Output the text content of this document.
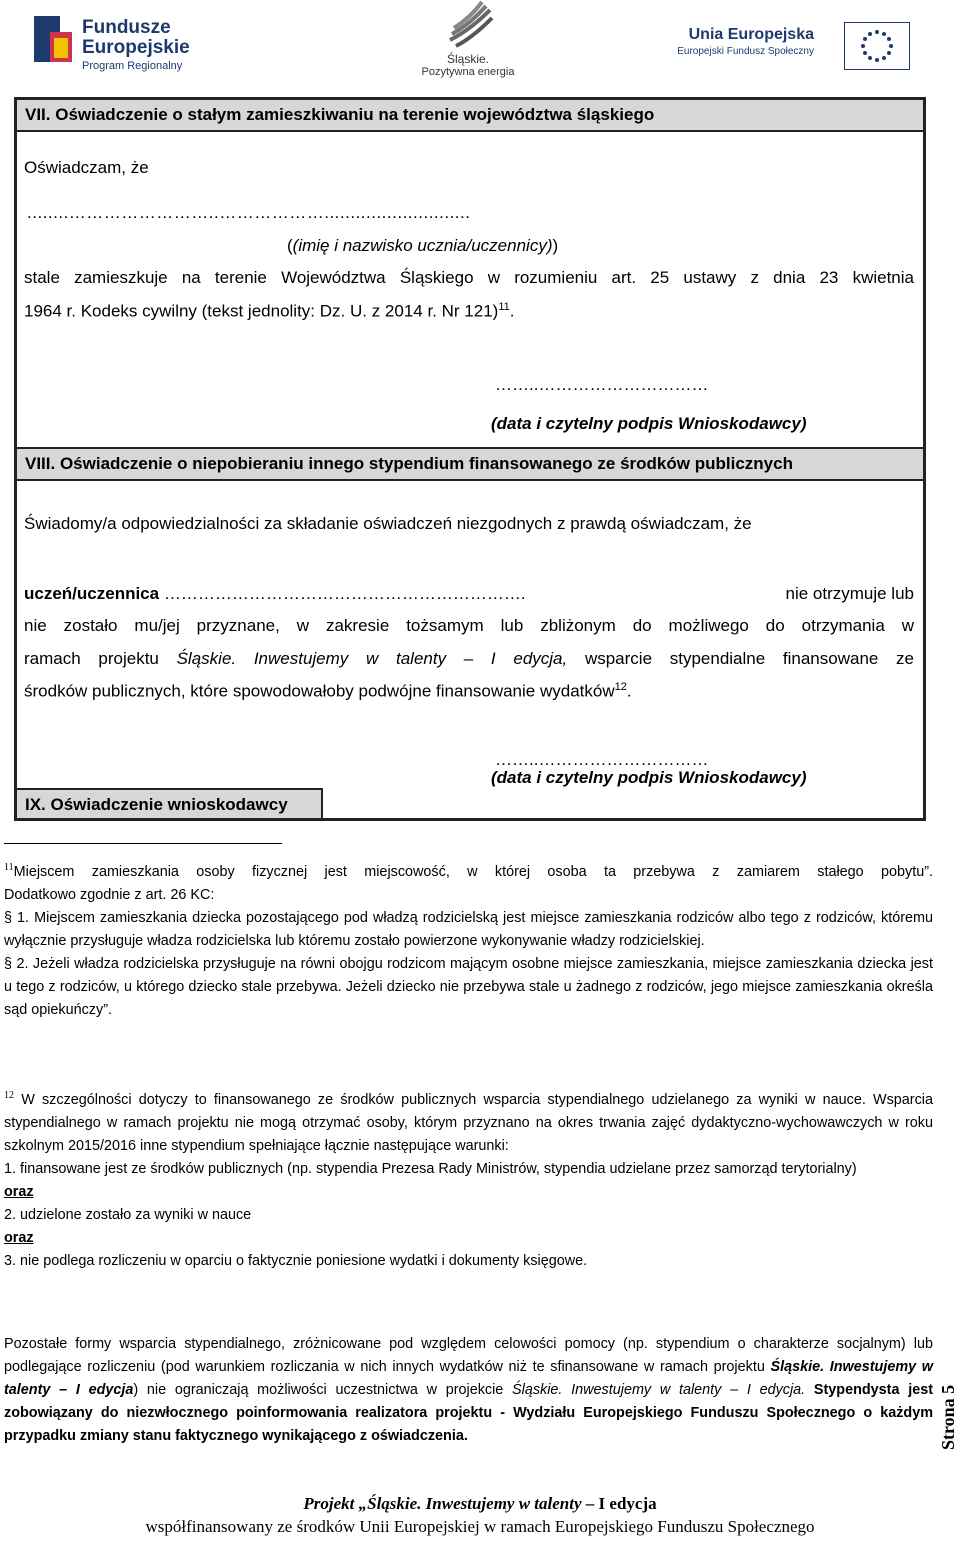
Fundusze
Europejskie
Program Regionalny	Śląskie.
Pozytywna energia
Unia Europejska
Europejski Fundusz Społeczny
VII. Oświadczenie o stałym zamieszkiwaniu na terenie województwa śląskiego
Oświadczam, że
........……………………..………………............................
((imię i nazwisko ucznia/uczennicy))
stale zamieszkuje na terenie Województwa Śląskiego w rozumieniu art. 25 ustawy z dnia 23 kwietnia
1964 r. Kodeks cywilny (tekst jednolity: Dz. U. z 2014 r. Nr 121)$^{11}$.
……..…………………………
(data i czytelny podpis Wnioskodawcy)
VIII. Oświadczenie o niepobieraniu innego stypendium finansowanego ze środków publicznych
Świadomy/a odpowiedzialności za składanie oświadczeń niezgodnych z prawdą oświadczam, że
uczeń/uczennica ……………………………………………………….	nie otrzymuje lub
nie zostało mu/jej przyznane, w zakresie tożsamym lub zbliżonym do możliwego do otrzymania w
ramach projektu Śląskie. Inwestujemy w talenty – I edycja, wsparcie stypendialne finansowane ze
środków publicznych, które spowodowałoby podwójne finansowanie wydatków$^{12}$.
……..…………………………
(data i czytelny podpis Wnioskodawcy)
IX. Oświadczenie wnioskodawcy

$^{11}$Miejscem zamieszkania osoby fizycznej jest miejscowość, w której osoba ta przebywa z zamiarem stałego pobytu”.

Dodatkowo zgodnie z art. 26 KC:

§ 1. Miejscem zamieszkania dziecka pozostającego pod władzą rodzicielską jest miejsce zamieszkania rodziców albo tego z rodziców, któremu wyłącznie przysługuje władza rodzicielska lub któremu zostało powierzone wykonywanie władzy rodzicielskiej.

§ 2. Jeżeli władza rodzicielska przysługuje na równi obojgu rodzicom mającym osobne miejsce zamieszkania, miejsce zamieszkania dziecka jest u tego z rodziców, u którego dziecko stale przebywa. Jeżeli dziecko nie przebywa stale u żadnego z rodziców, jego miejsce zamieszkania określa sąd opiekuńczy”.

$^{12}$ W szczególności dotyczy to finansowanego ze środków publicznych wsparcia stypendialnego udzielanego za wyniki w nauce. Wsparcia stypendialnego w ramach projektu nie mogą otrzymać osoby, którym przyznano na okres trwania zajęć dydaktyczno-wychowawczych w roku szkolnym 2015/2016 inne stypendium spełniające łącznie następujące warunki:

1. finansowane jest ze środków publicznych (np. stypendia Prezesa Rady Ministrów, stypendia udzielane przez samorząd terytorialny)

oraz

2. udzielone zostało za wyniki w nauce

oraz

3. nie podlega rozliczeniu w oparciu o faktycznie poniesione wydatki i dokumenty księgowe.

Pozostałe formy wsparcia stypendialnego, zróżnicowane pod względem celowości pomocy (np. stypendium o charakterze socjalnym) lub podlegające rozliczeniu (pod warunkiem rozliczania w nich innych wydatków niż te sfinansowane w ramach projektu Śląskie. Inwestujemy w talenty – I edycja) nie ograniczają możliwości uczestnictwa w projekcie Śląskie. Inwestujemy w talenty – I edycja. Stypendysta jest zobowiązany do niezwłocznego poinformowania realizatora projektu - Wydziału Europejskiego Funduszu Społecznego o każdym przypadku zmiany stanu faktycznego wynikającego z oświadczenia.	Strona 5
Projekt „Śląskie. Inwestujemy w talenty – I edycja
współfinansowany ze środków Unii Europejskiej w ramach Europejskiego Funduszu Społecznego
